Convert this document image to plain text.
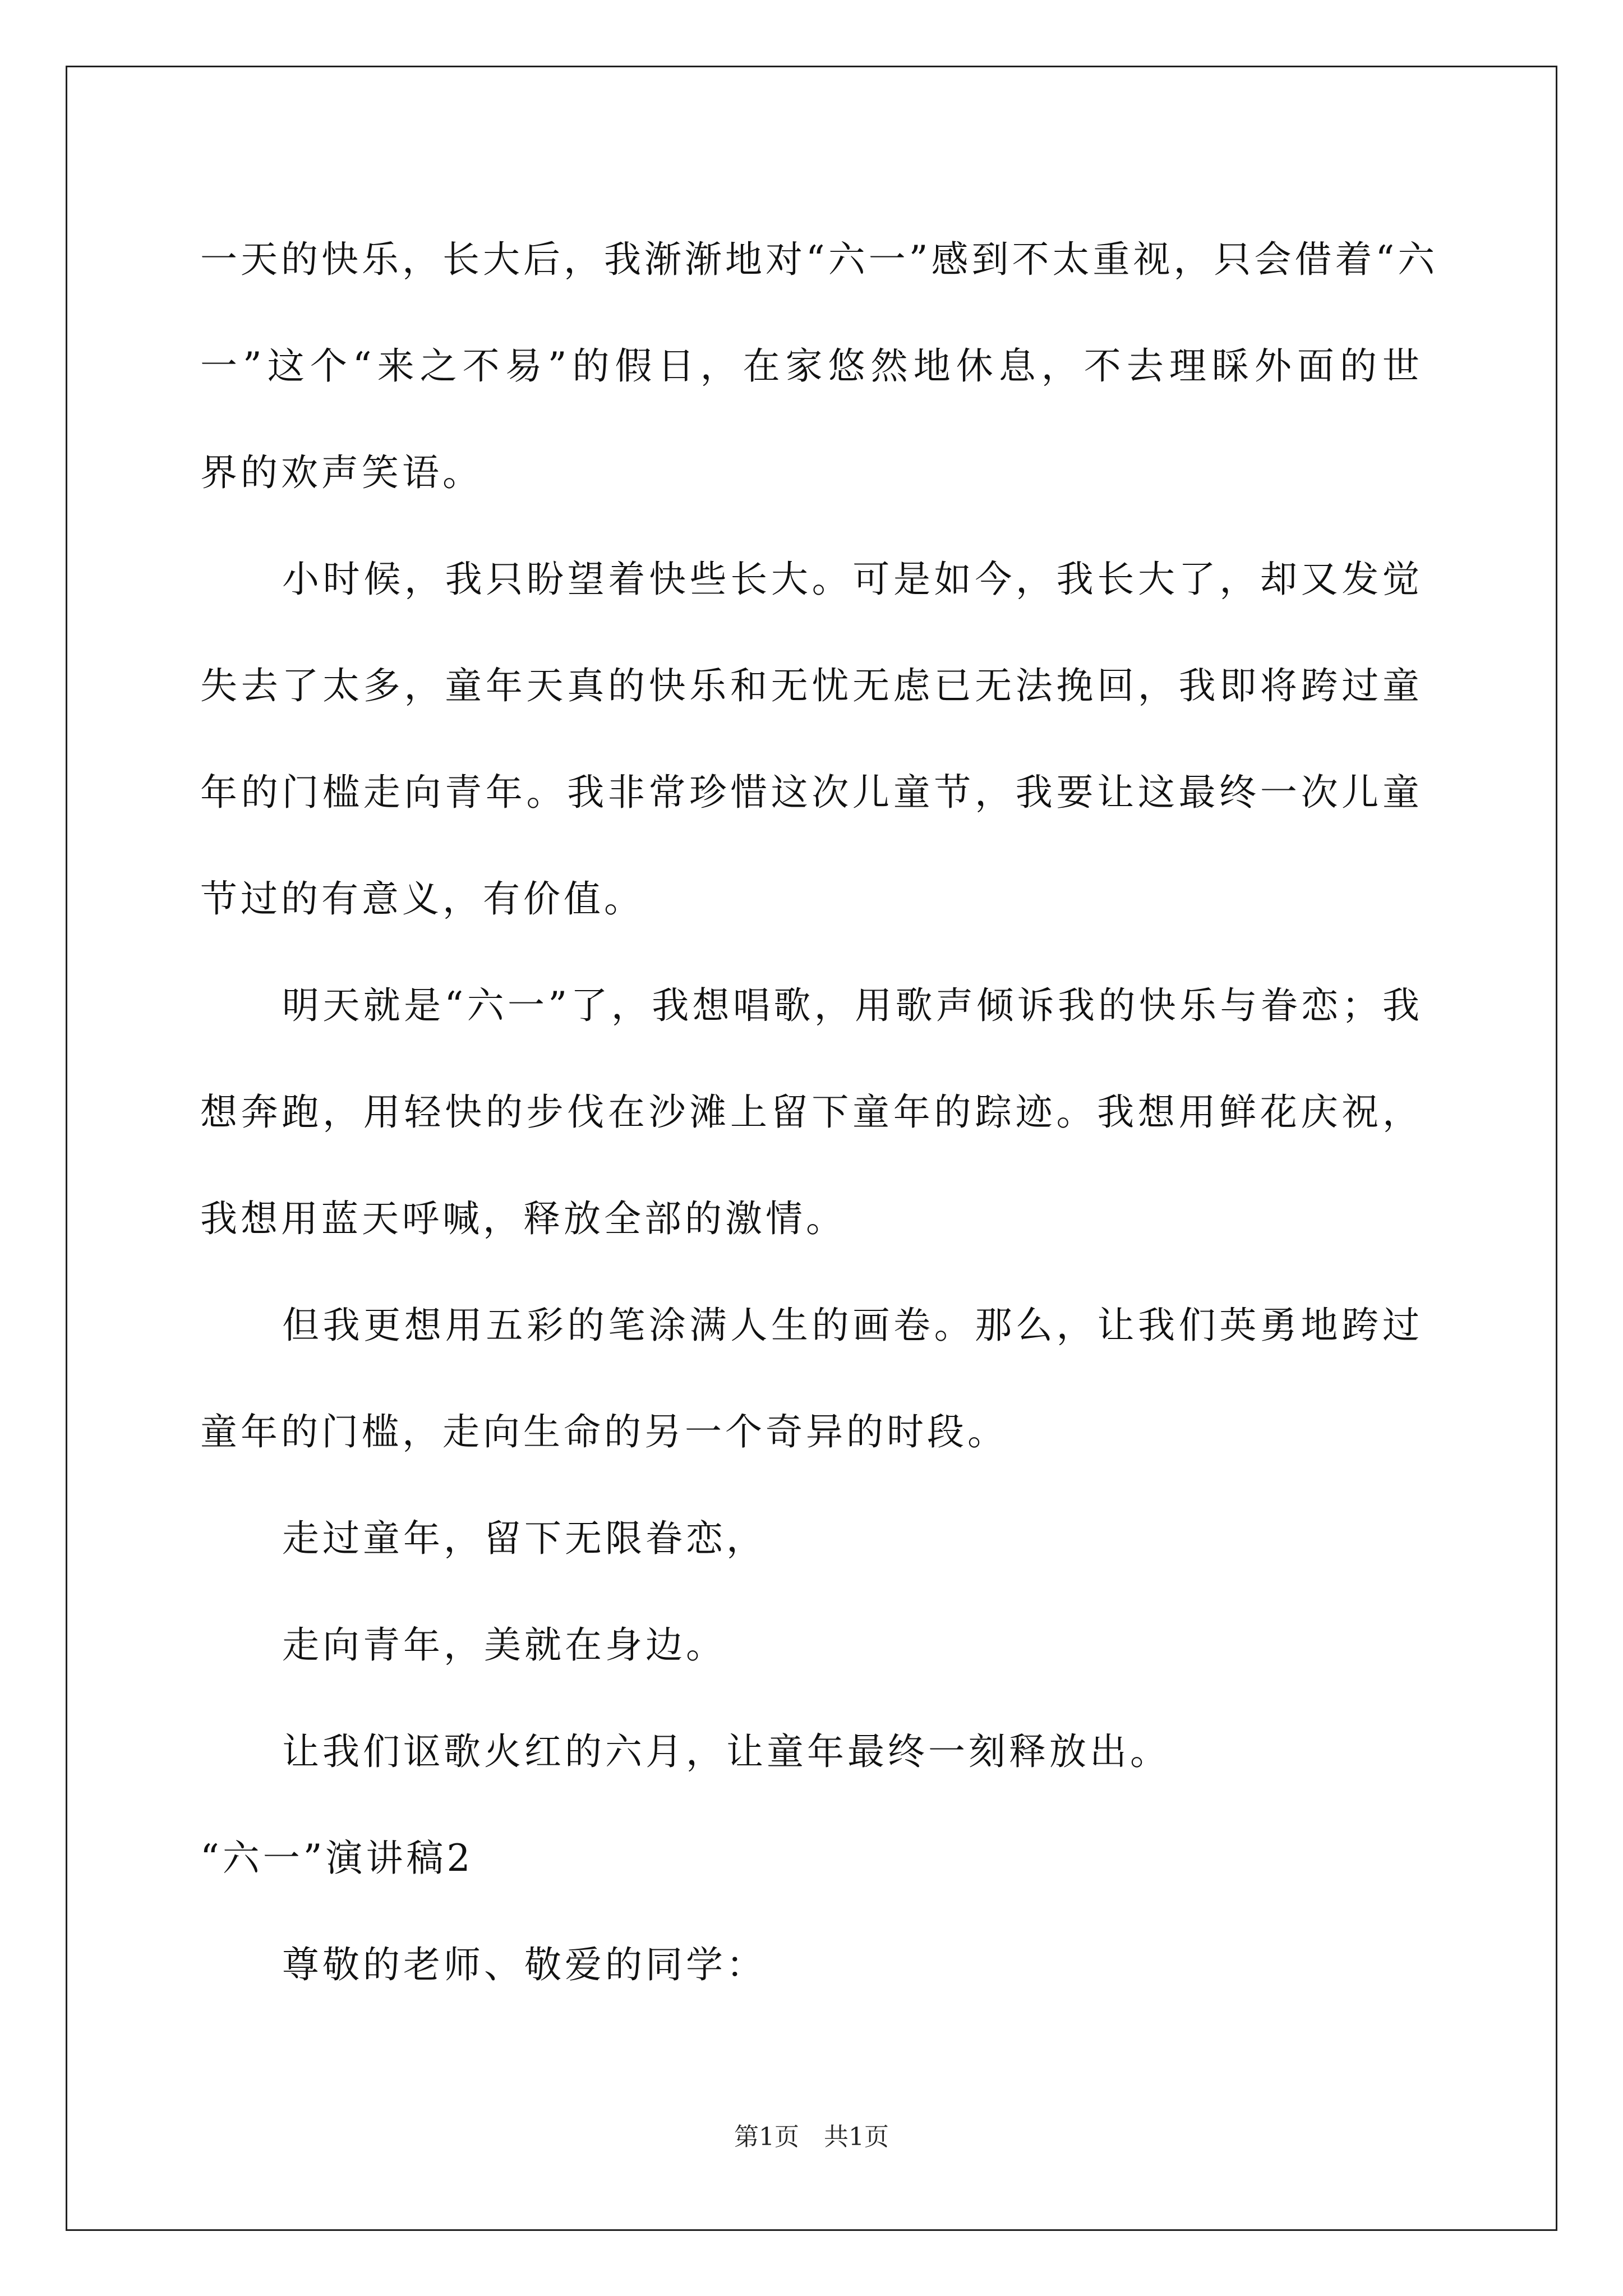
一天的快乐，长大后，我渐渐地对“六一”感到不太重视，只会借着“六
一”这个“来之不易”的假日，在家悠然地休息，不去理睬外面的世
界的欢声笑语。
小时候，我只盼望着快些长大。可是如今，我长大了，却又发觉
失去了太多，童年天真的快乐和无忧无虑已无法挽回，我即将跨过童
年的门槛走向青年。我非常珍惜这次儿童节，我要让这最终一次儿童
节过的有意义，有价值。
明天就是“六一”了，我想唱歌，用歌声倾诉我的快乐与眷恋；我
想奔跑，用轻快的步伐在沙滩上留下童年的踪迹。我想用鲜花庆祝，
我想用蓝天呼喊，释放全部的激情。
但我更想用五彩的笔涂满人生的画卷。那么，让我们英勇地跨过
童年的门槛，走向生命的另一个奇异的时段。
走过童年，留下无限眷恋，
走向青年，美就在身边。
让我们讴歌火红的六月，让童年最终一刻释放出。
“六一”演讲稿2
尊敬的老师、敬爱的同学：
第1页　共1页
